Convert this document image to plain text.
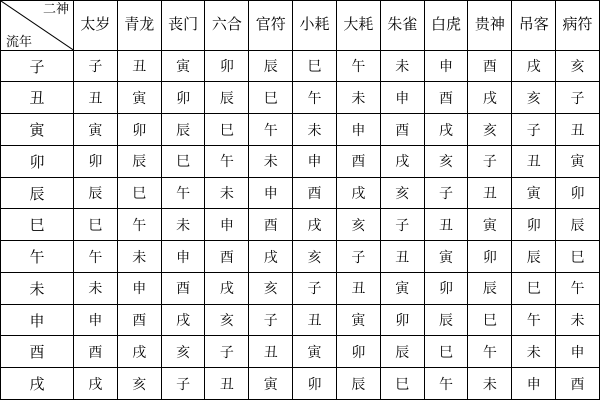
二神
流年	太岁	青龙	丧门	六合	官符	小耗	大耗	朱雀	白虎	贵神	吊客	病符

子	子	丑	寅	卯	辰	巳	午	未	申	酉	戌	亥
丑	丑	寅	卯	辰	巳	午	未	申	酉	戌	亥	子
寅	寅	卯	辰	巳	午	未	申	酉	戌	亥	子	丑
卯	卯	辰	巳	午	未	申	酉	戌	亥	子	丑	寅
辰	辰	巳	午	未	申	酉	戌	亥	子	丑	寅	卯
巳	巳	午	未	申	酉	戌	亥	子	丑	寅	卯	辰
午	午	未	申	酉	戌	亥	子	丑	寅	卯	辰	巳
未	未	申	酉	戌	亥	子	丑	寅	卯	辰	巳	午
申	申	酉	戌	亥	子	丑	寅	卯	辰	巳	午	未
酉	酉	戌	亥	子	丑	寅	卯	辰	巳	午	未	申
戌	戌	亥	子	丑	寅	卯	辰	巳	午	未	申	酉
